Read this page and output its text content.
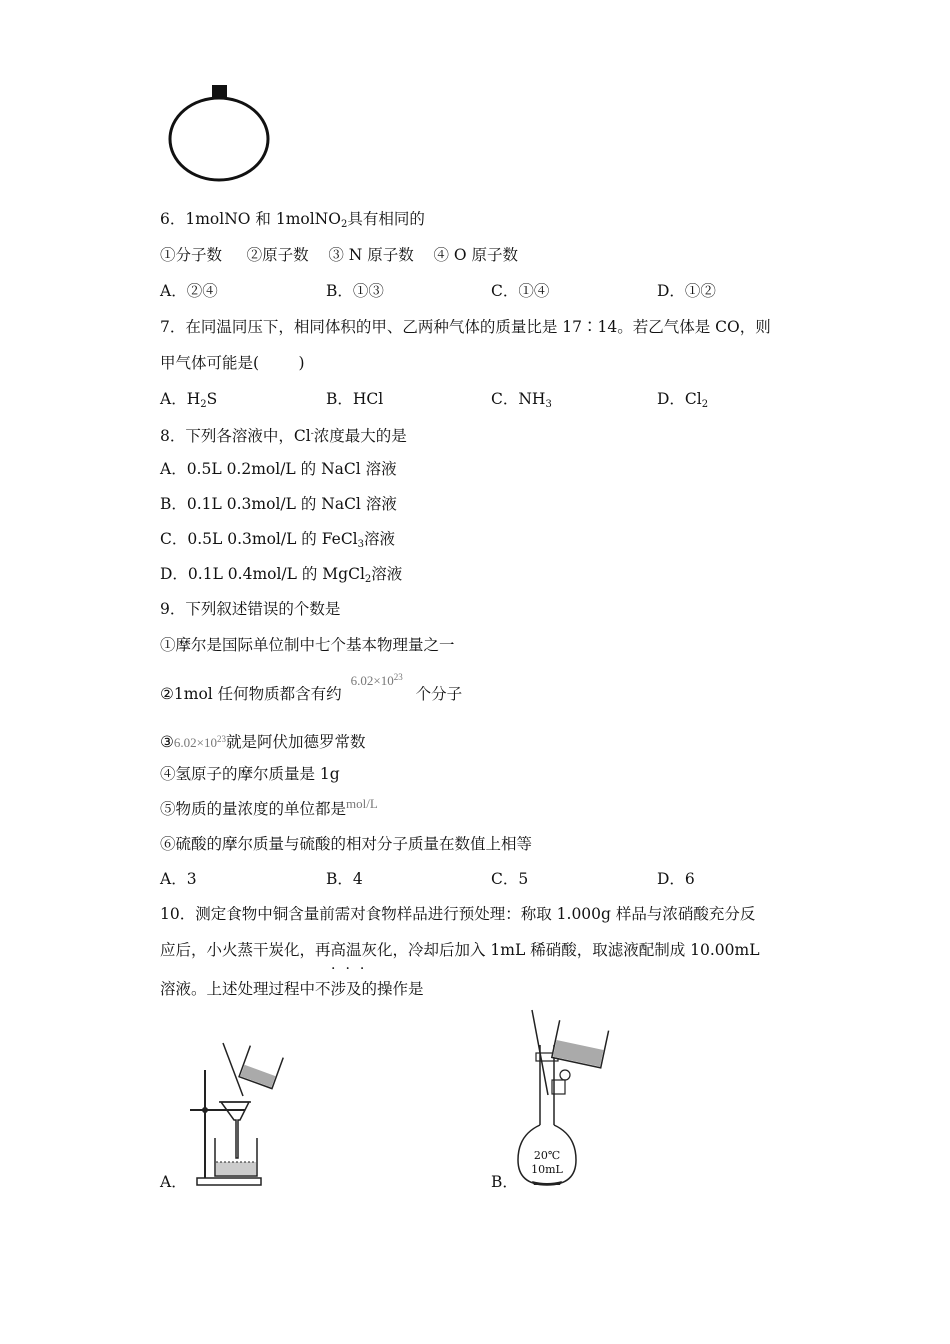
6．1molNO 和 1molNO$_2$具有相同的
①分子数     ②原子数    ③ N 原子数    ④ O 原子数
A．②④	B．①③	C．①④	D．①②
7．在同温同压下，相同体积的甲、乙两种气体的质量比是 17∶14。若乙气体是 CO，则
甲气体可能是(        )
A．$H_2S$	B．HCl	C．$NH_3$	D．$Cl_2$
8．下列各溶液中，Cl-浓度最大的是
A．0.5L 0.2mol/L 的 NaCl 溶液
B．0.1L 0.3mol/L 的 NaCl 溶液
C．0.5L 0.3mol/L 的 FeCl$_3$溶液
D．0.1L 0.4mol/L 的 MgCl$_2$溶液
9．下列叙述错误的个数是
①摩尔是国际单位制中七个基本物理量之一
②1mol 任何物质都含有约 $^{6.02\times 10^{23}}$ 个分子
$③6.02\times 10^{23}$就是阿伏加德罗常数
④氢原子的摩尔质量是 1g
⑤物质的量浓度的单位都是$^{mol/L}$
⑥硫酸的摩尔质量与硫酸的相对分子质量在数值上相等
A．3	B．4	C．5	D．6
10．测定食物中铜含量前需对食物样品进行预处理：称取 1.000g 样品与浓硝酸充分反
应后，小火蒸干炭化，再高温灰化，冷却后加入 1mL 稀硝酸，取滤液配制成 10.00mL
···
溶液。上述处理过程中不涉及的操作是
A．	B．
20℃
10mL
